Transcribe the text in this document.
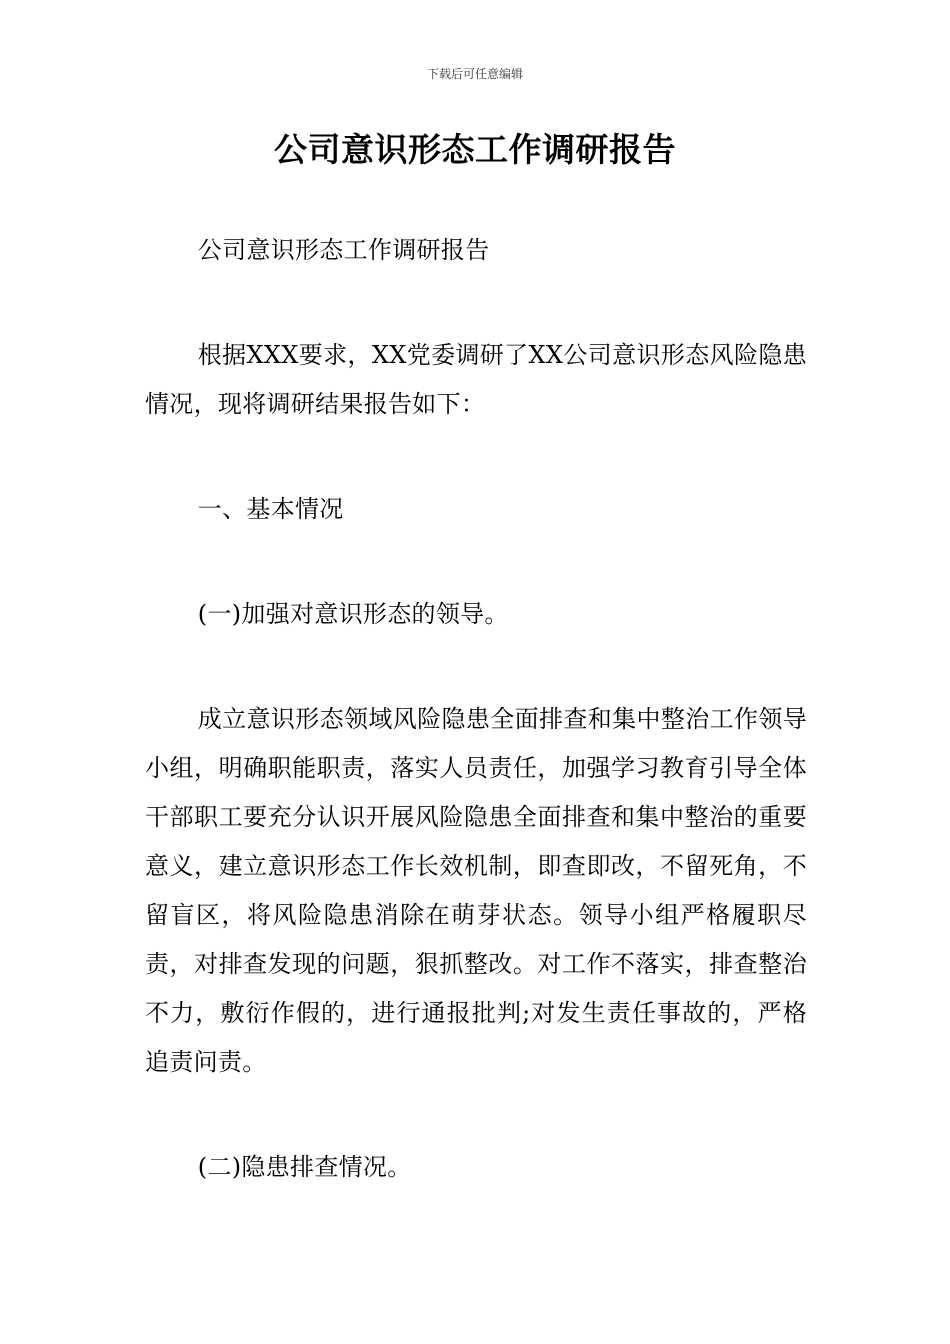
下载后可任意编辑
公司意识形态工作调研报告

公司意识形态工作调研报告

根据XXX要求，XX党委调研了XX公司意识形态风险隐患情况，现将调研结果报告如下：

一、基本情况

(一)加强对意识形态的领导。

成立意识形态领域风险隐患全面排查和集中整治工作领导小组，明确职能职责，落实人员责任，加强学习教育引导全体干部职工要充分认识开展风险隐患全面排查和集中整治的重要意义，建立意识形态工作长效机制，即查即改，不留死角，不留盲区，将风险隐患消除在萌芽状态。领导小组严格履职尽责，对排查发现的问题，狠抓整改。对工作不落实，排查整治不力，敷衍作假的，进行通报批判;对发生责任事故的，严格追责问责。

(二)隐患排查情况。
